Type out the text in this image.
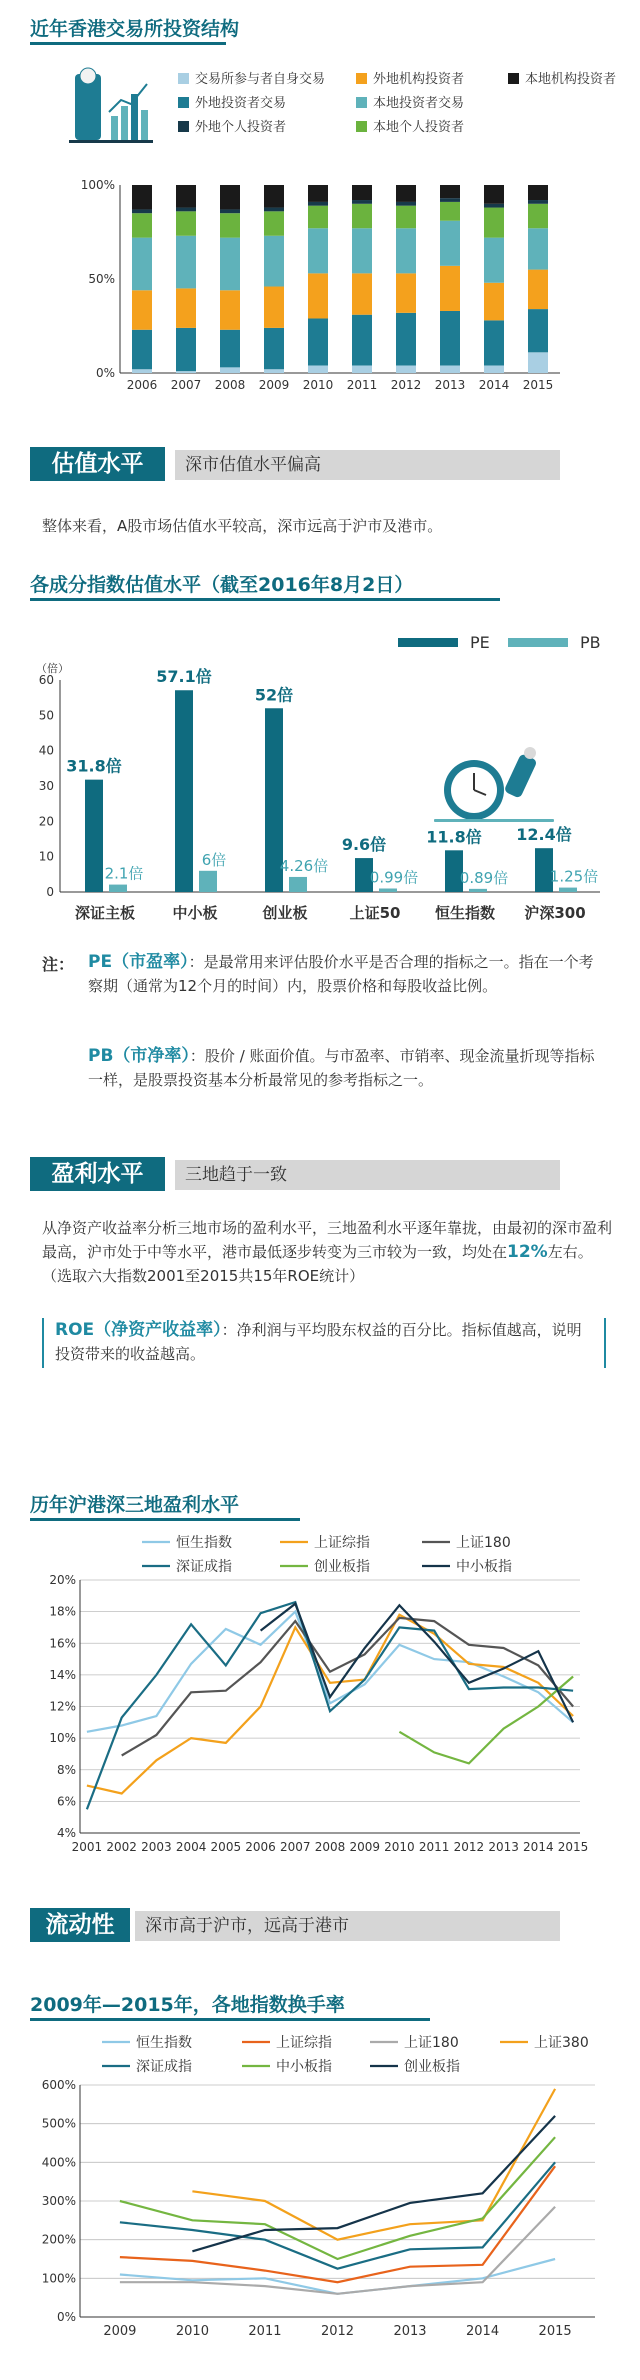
近年香港交易所投资结构
交易所参与者自身交易	外地机构投资者	本地机构投资者
外地投资者交易	本地投资者交易
外地个人投资者	本地个人投资者
0%
50%
100%
2006 2007 2008 2009 2010 2011 2012 2013 2014 2015
估值水平	深市估值水平偏高
整体来看，A股市场估值水平较高，深市远高于沪市及港市。
各成分指数估值水平（截至2016年8月2日）
（倍）
0
10
20
30
40
50
60
PE	PB
31.8倍
2.1倍
深证主板
57.1倍
6倍
中小板
52倍
4.26倍
创业板
9.6倍
0.99倍
上证50
11.8倍
0.89倍
恒生指数
12.4倍
1.25倍
沪深300
注： PE（市盈率）：是最常用来评估股价水平是否合理的指标之一。指在一个考察期（通常为12个月的时间）内，股票价格和每股收益比例。
PB（市净率）：股价 / 账面价值。与市盈率、市销率、现金流量折现等指标一样，是股票投资基本分析最常见的参考指标之一。
盈利水平	三地趋于一致
从净资产收益率分析三地市场的盈利水平，三地盈利水平逐年靠拢，由最初的深市盈利最高，沪市处于中等水平，港市最低逐步转变为三市较为一致，均处在12%左右。（选取六大指数2001至2015共15年ROE统计）
ROE（净资产收益率）：净利润与平均股东权益的百分比。指标值越高，说明投资带来的收益越高。
历年沪港深三地盈利水平
4%
6%
8%
10%
12%
14%
16%
18%
20%
2001 2002 2003 2004 2005 2006 2007 2008 2009 2010 2011 2012 2013 2014 2015
恒生指数	上证综指	上证180
深证成指	创业板指	中小板指
流动性	深市高于沪市，远高于港市
2009年—2015年，各地指数换手率
0%
100%
200%
300%
400%
500%
600%
2009	2010	2011	2012	2013	2014	2015
恒生指数	上证综指	上证180	上证380
深证成指	中小板指	创业板指
